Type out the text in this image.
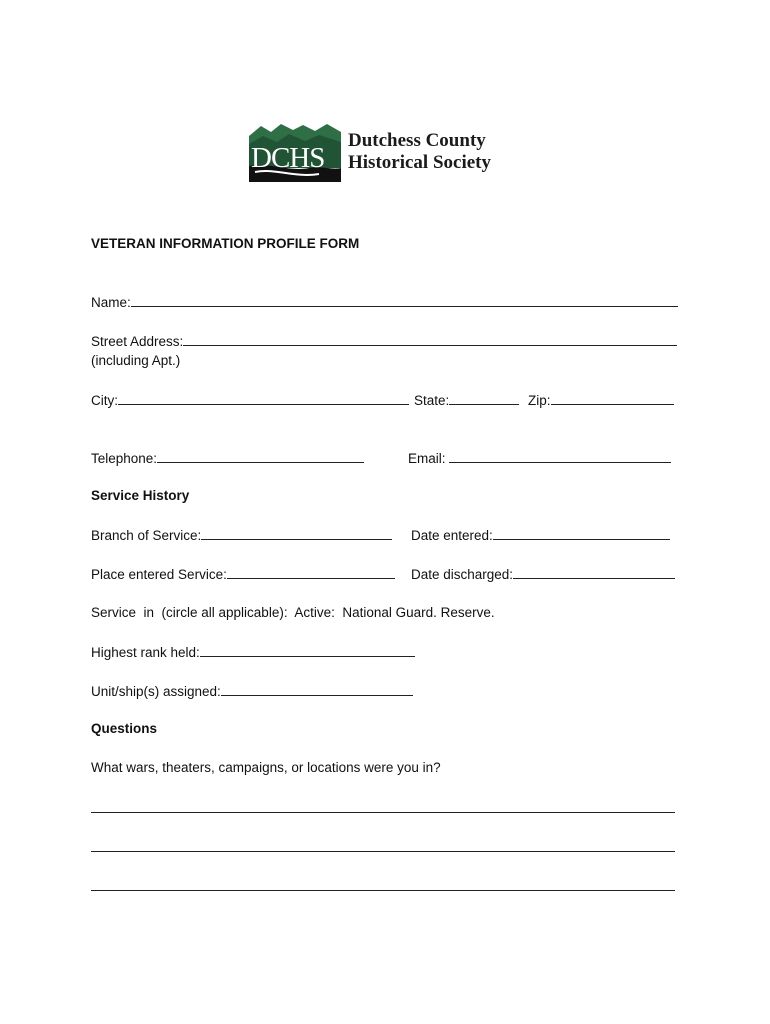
DCHS
Dutchess County
Historical Society
VETERAN INFORMATION PROFILE FORM
Name:
Street Address:
(including Apt.)
City:	State:	Zip:
Telephone:	Email:
Service History
Branch of Service:	Date entered:
Place entered Service:	Date discharged:
Service  in  (circle all applicable):  Active:  National Guard. Reserve.
Highest rank held:
Unit/ship(s) assigned:
Questions
What wars, theaters, campaigns, or locations were you in?
